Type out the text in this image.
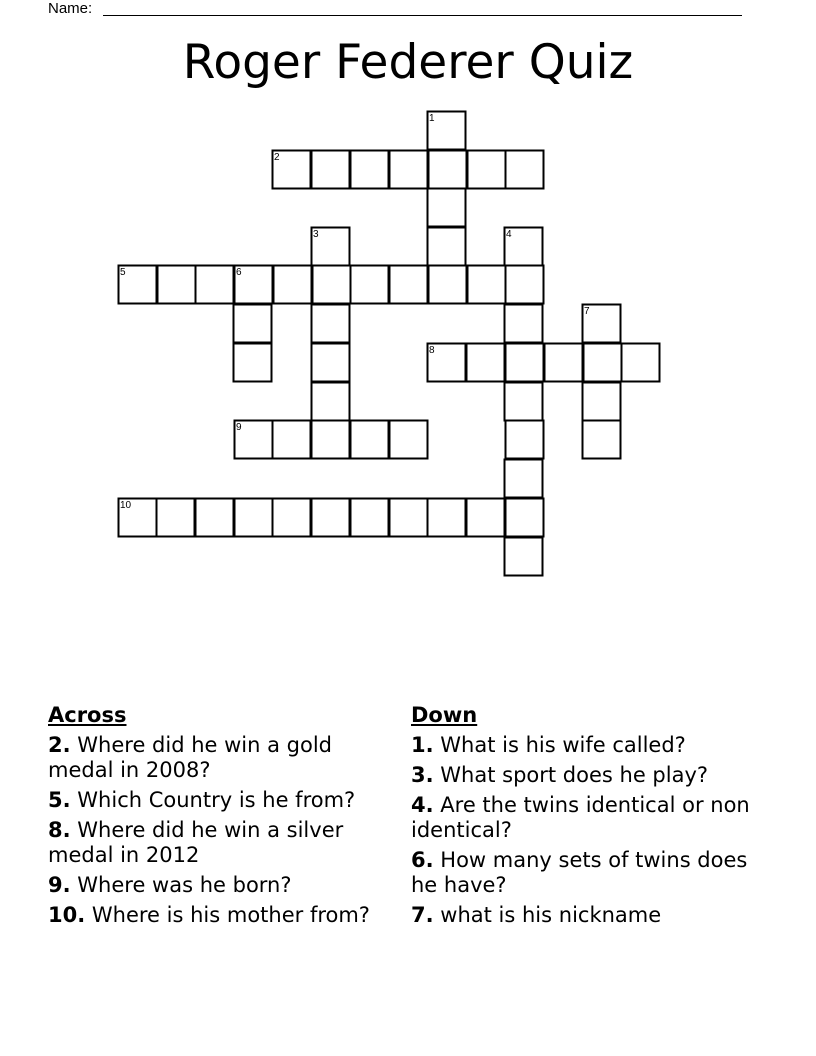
Name:
Roger Federer Quiz
1
2
3	4
5	6
7
8
9
10
Across
2. Where did he win a gold medal in 2008?
5. Which Country is he from?
8. Where did he win a silver medal in 2012
9. Where was he born?
10. Where is his mother from?
Down
1. What is his wife called?
3. What sport does he play?
4. Are the twins identical or non identical?
6. How many sets of twins does he have?
7. what is his nickname
